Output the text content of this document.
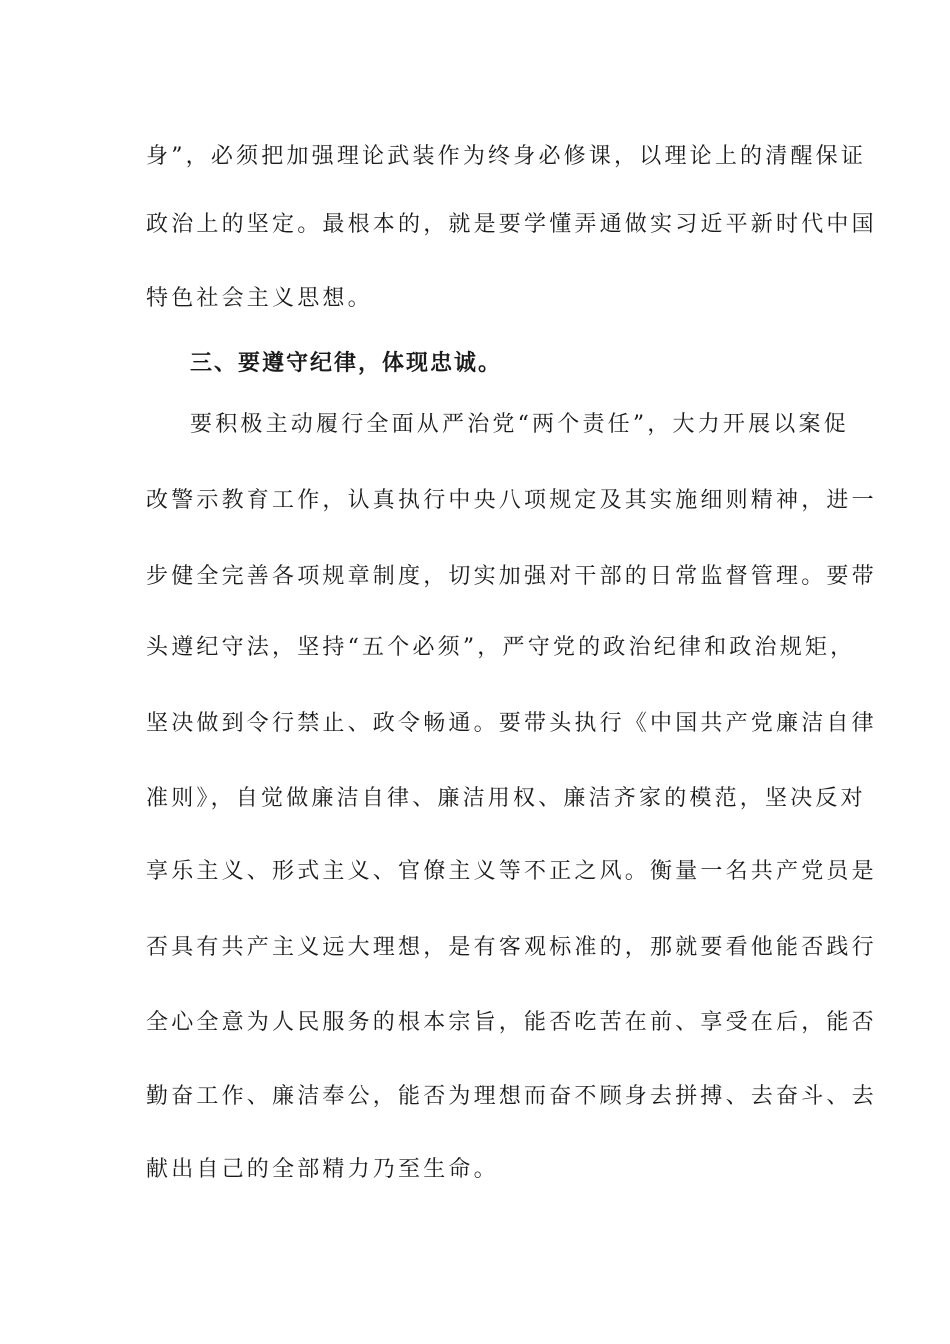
身”，必须把加强理论武装作为终身必修课，以理论上的清醒保证
政治上的坚定。最根本的，就是要学懂弄通做实习近平新时代中国
特色社会主义思想。
三、要遵守纪律，体现忠诚。
要积极主动履行全面从严治党“两个责任”，大力开展以案促
改警示教育工作，认真执行中央八项规定及其实施细则精神，进一
步健全完善各项规章制度，切实加强对干部的日常监督管理。要带
头遵纪守法，坚持“五个必须”，严守党的政治纪律和政治规矩，
坚决做到令行禁止、政令畅通。要带头执行《中国共产党廉洁自律
准则》，自觉做廉洁自律、廉洁用权、廉洁齐家的模范，坚决反对
享乐主义、形式主义、官僚主义等不正之风。衡量一名共产党员是
否具有共产主义远大理想，是有客观标准的，那就要看他能否践行
全心全意为人民服务的根本宗旨，能否吃苦在前、享受在后，能否
勤奋工作、廉洁奉公，能否为理想而奋不顾身去拼搏、去奋斗、去
献出自己的全部精力乃至生命。
